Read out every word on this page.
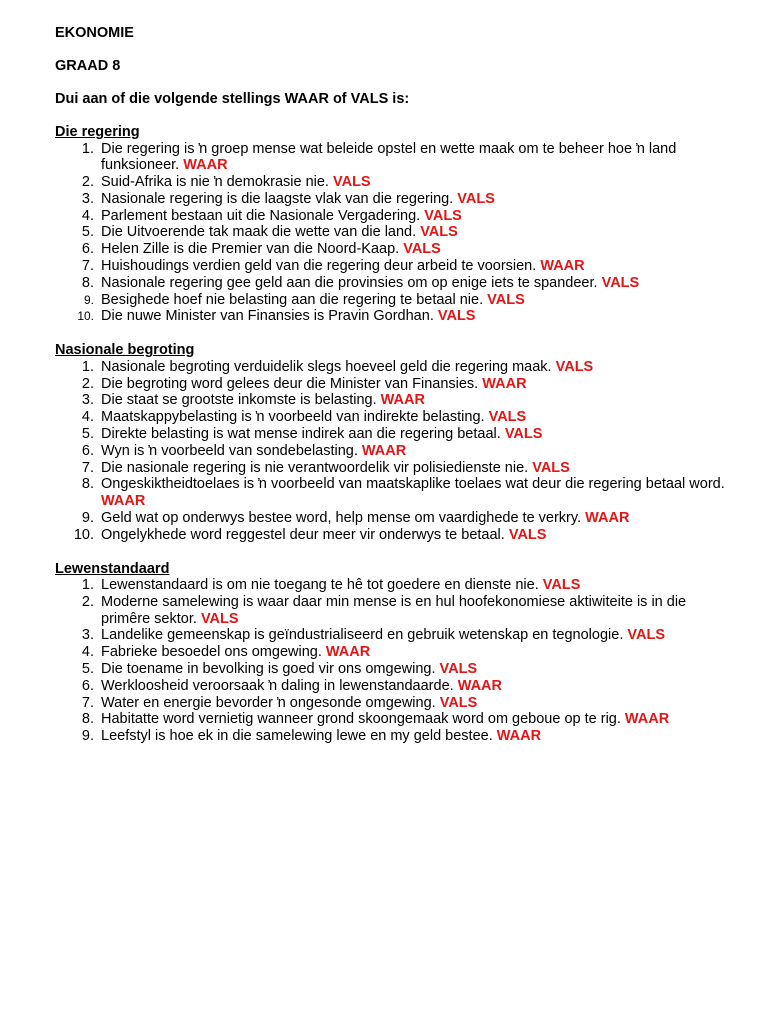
EKONOMIE

GRAAD 8

Dui aan of die volgende stellings WAAR of VALS is:

Die regering

1. Die regering is ŉ groep mense wat beleide opstel en wette maak om te beheer hoe ŉ land funksioneer. WAAR
2. Suid-Afrika is nie ŉ demokrasie nie. VALS
3. Nasionale regering is die laagste vlak van die regering. VALS
4. Parlement bestaan uit die Nasionale Vergadering. VALS
5. Die Uitvoerende tak maak die wette van die land. VALS
6. Helen Zille is die Premier van die Noord-Kaap. VALS
7. Huishoudings verdien geld van die regering deur arbeid te voorsien. WAAR
8. Nasionale regering gee geld aan die provinsies om op enige iets te spandeer. VALS
9. Besighede hoef nie belasting aan die regering te betaal nie. VALS
10. Die nuwe Minister van Finansies is Pravin Gordhan. VALS

Nasionale begroting

1. Nasionale begroting verduidelik slegs hoeveel geld die regering maak. VALS
2. Die begroting word gelees deur die Minister van Finansies. WAAR
3. Die staat se grootste inkomste is belasting. WAAR
4. Maatskappybelasting is ŉ voorbeeld van indirekte belasting. VALS
5. Direkte belasting is wat mense indirek aan die regering betaal. VALS
6. Wyn is ŉ voorbeeld van sondebelasting. WAAR
7. Die nasionale regering is nie verantwoordelik vir polisiedienste nie. VALS
8. Ongeskiktheidtoelaes is ŉ voorbeeld van maatskaplike toelaes wat deur die regering betaal word. WAAR
9. Geld wat op onderwys bestee word, help mense om vaardighede te verkry. WAAR
10. Ongelykhede word reggestel deur meer vir onderwys te betaal. VALS

Lewenstandaard

1. Lewenstandaard is om nie toegang te hê tot goedere en dienste nie. VALS
2. Moderne samelewing is waar daar min mense is en hul hoofekonomiese aktiwiteite is in die primêre sektor. VALS
3. Landelike gemeenskap is geïndustrialiseerd en gebruik wetenskap en tegnologie. VALS
4. Fabrieke besoedel ons omgewing. WAAR
5. Die toename in bevolking is goed vir ons omgewing. VALS
6. Werkloosheid veroorsaak ŉ daling in lewenstandaarde. WAAR
7. Water en energie bevorder ŉ ongesonde omgewing. VALS
8. Habitatte word vernietig wanneer grond skoongemaak word om geboue op te rig. WAAR
9. Leefstyl is hoe ek in die samelewing lewe en my geld bestee. WAAR
